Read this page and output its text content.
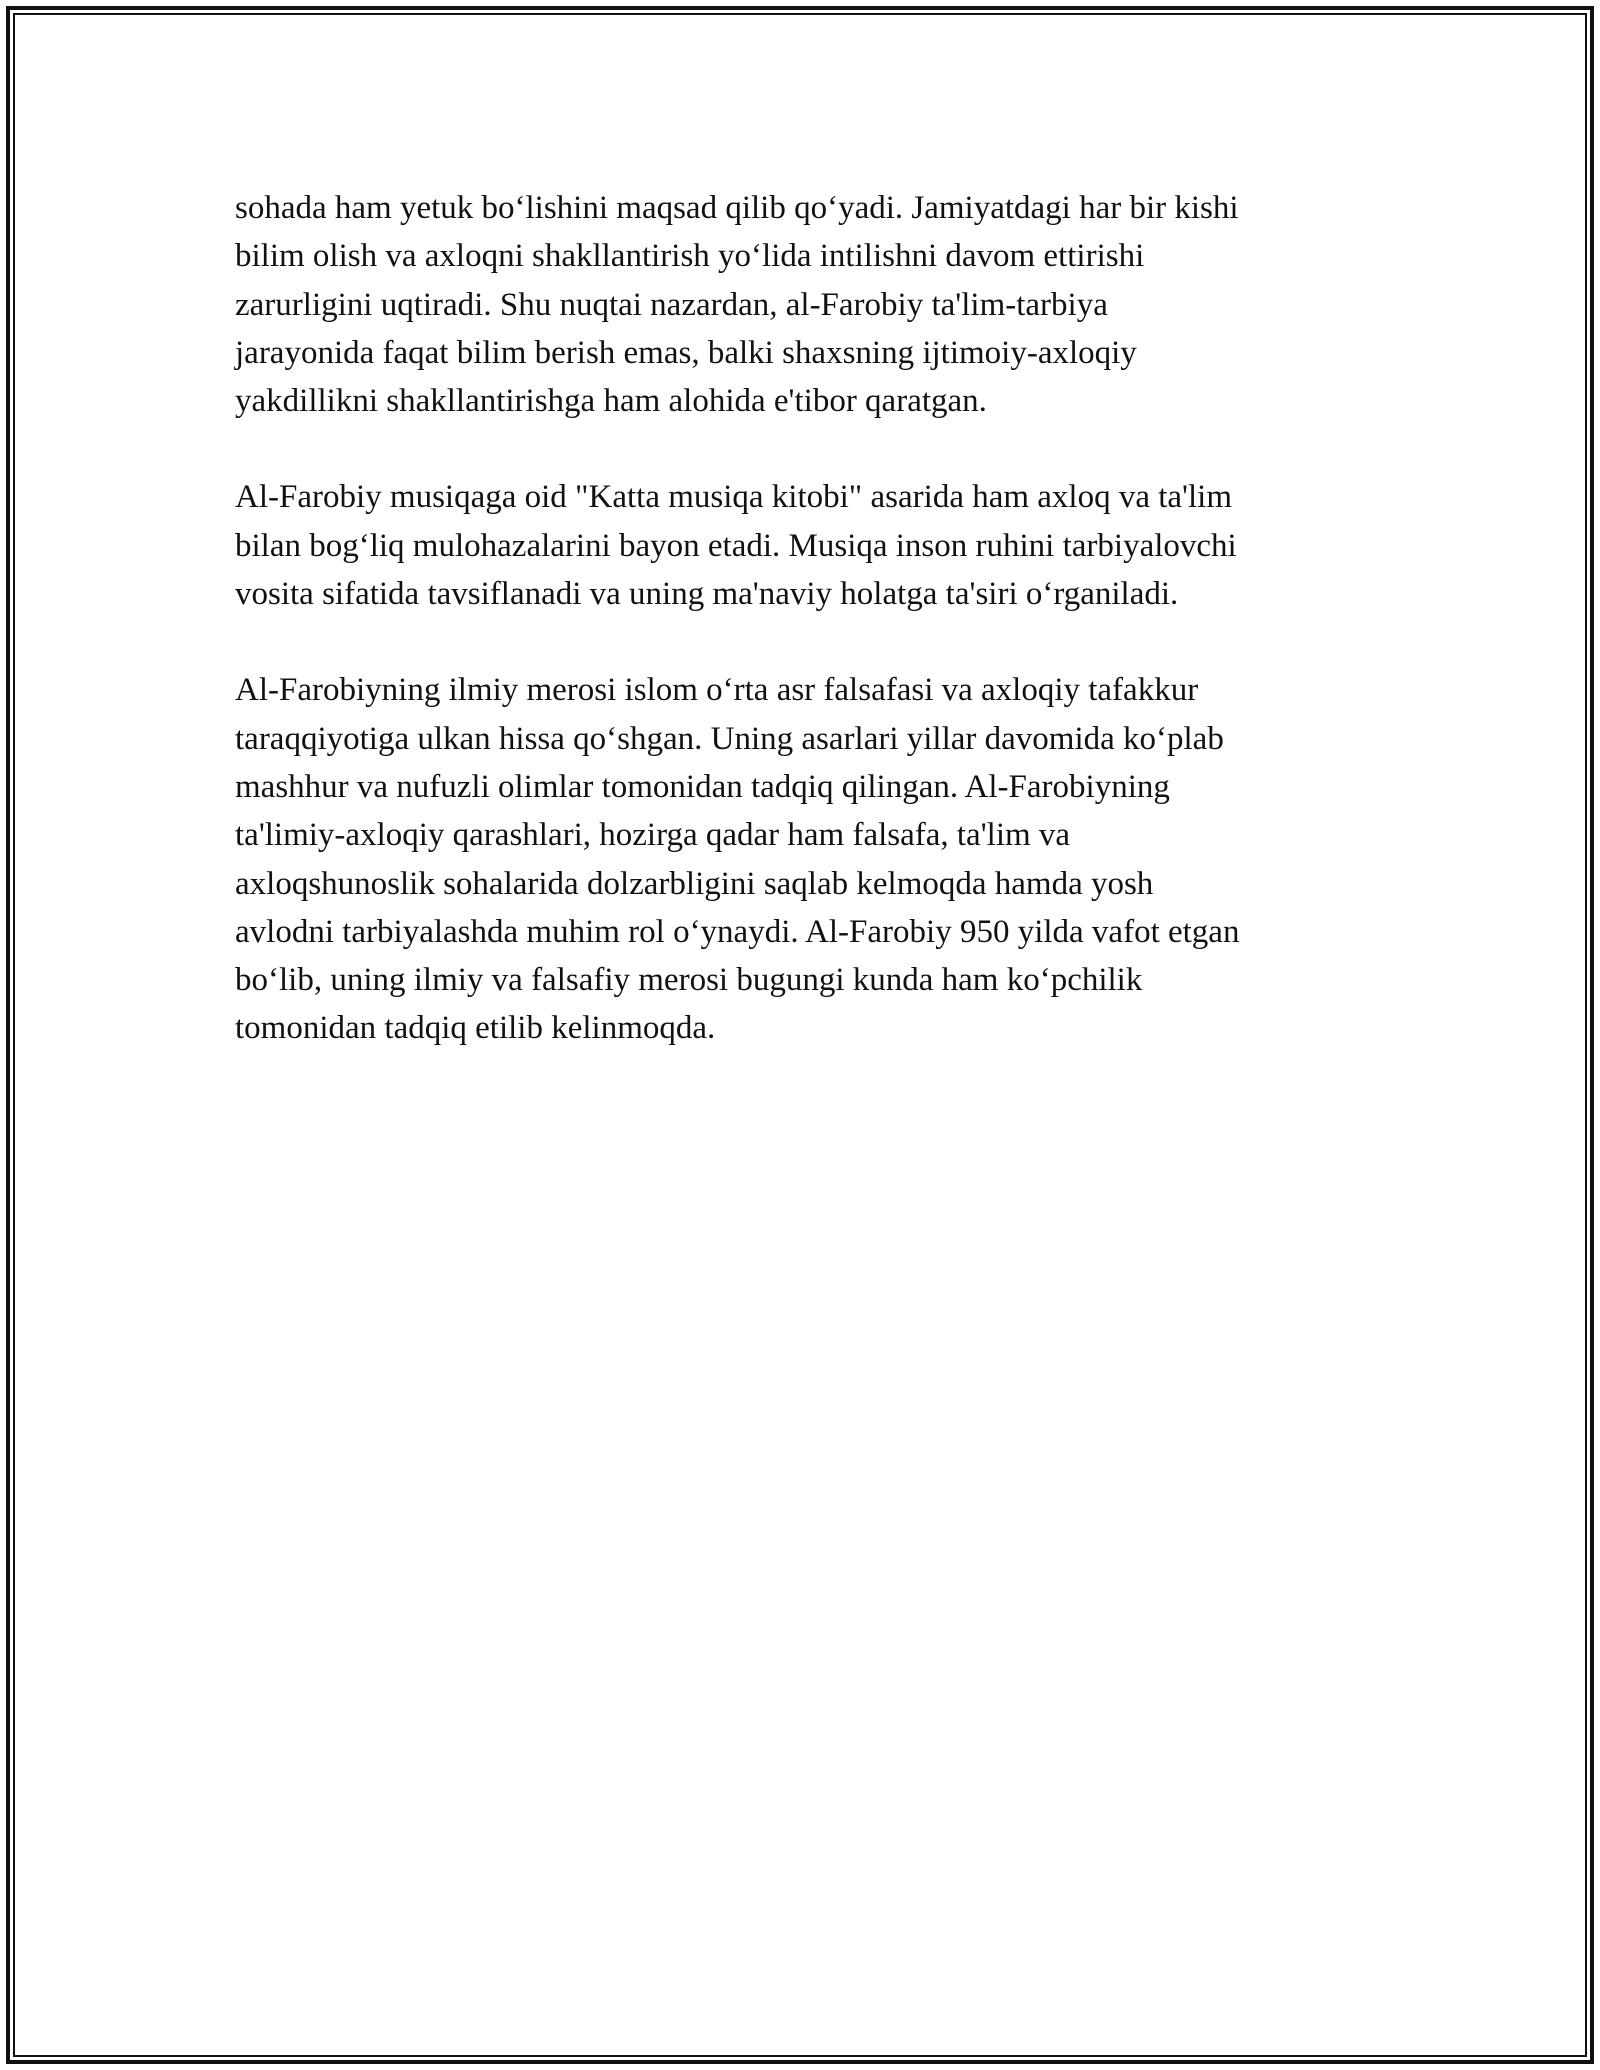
sohada ham yetuk bo‘lishini maqsad qilib qo‘yadi. Jamiyatdagi har bir kishi
bilim olish va axloqni shakllantirish yo‘lida intilishni davom ettirishi
zarurligini uqtiradi. Shu nuqtai nazardan, al-Farobiy ta'lim-tarbiya
jarayonida faqat bilim berish emas, balki shaxsning ijtimoiy-axloqiy
yakdillikni shakllantirishga ham alohida e'tibor qaratgan.

Al-Farobiy musiqaga oid "Katta musiqa kitobi" asarida ham axloq va ta'lim
bilan bog‘liq mulohazalarini bayon etadi. Musiqa inson ruhini tarbiyalovchi
vosita sifatida tavsiflanadi va uning ma'naviy holatga ta'siri o‘rganiladi.

Al-Farobiyning ilmiy merosi islom o‘rta asr falsafasi va axloqiy tafakkur
taraqqiyotiga ulkan hissa qo‘shgan. Uning asarlari yillar davomida ko‘plab
mashhur va nufuzli olimlar tomonidan tadqiq qilingan. Al-Farobiyning
ta'limiy-axloqiy qarashlari, hozirga qadar ham falsafa, ta'lim va
axloqshunoslik sohalarida dolzarbligini saqlab kelmoqda hamda yosh
avlodni tarbiyalashda muhim rol o‘ynaydi. Al-Farobiy 950 yilda vafot etgan
bo‘lib, uning ilmiy va falsafiy merosi bugungi kunda ham ko‘pchilik
tomonidan tadqiq etilib kelinmoqda.
